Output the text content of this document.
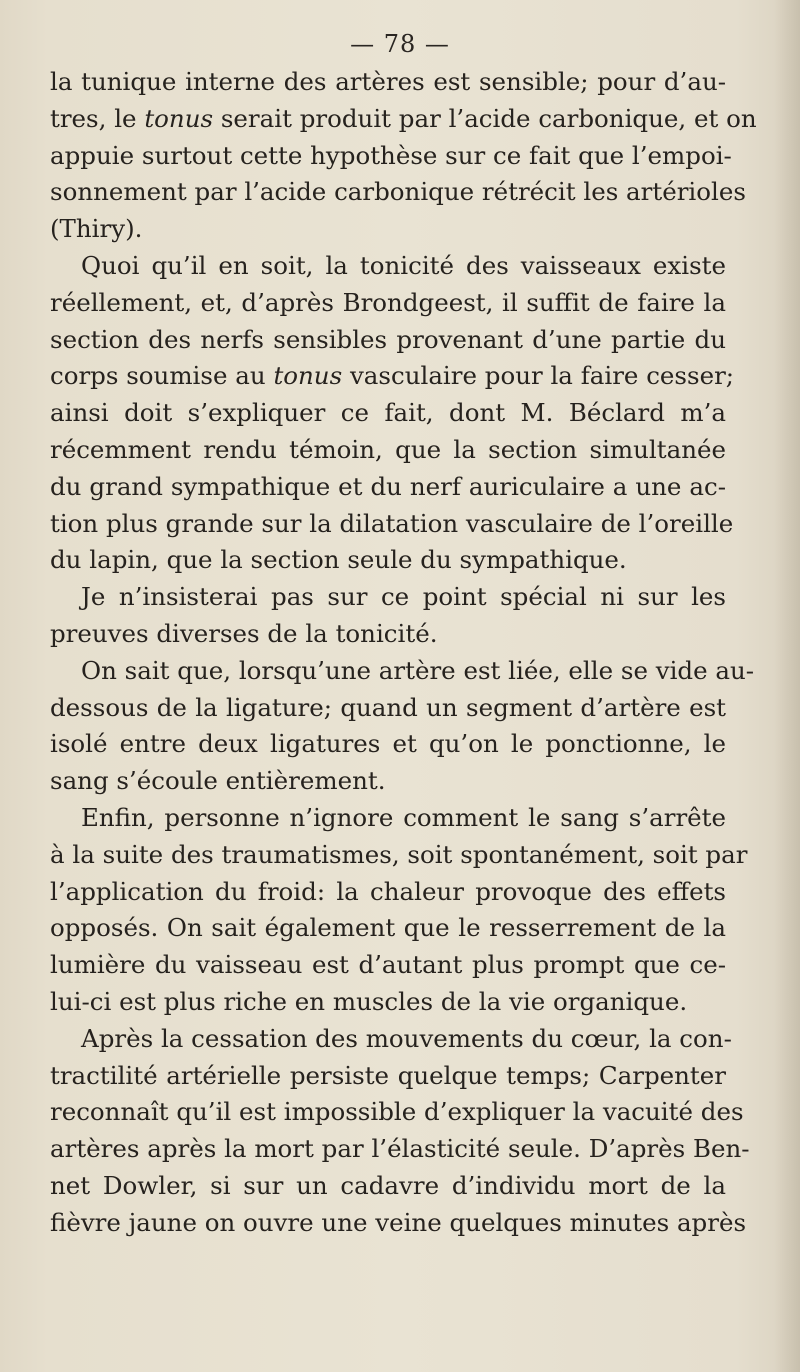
— 78 —
la tunique interne des artères est sensible; pour d’au-
tres, le tonus serait produit par l’acide carbonique, et on
appuie surtout cette hypothèse sur ce fait que l’empoi-
sonnement par l’acide carbonique rétrécit les artérioles
(Thiry).
Quoi qu’il en soit, la tonicité des vaisseaux existe
réellement, et, d’après Brondgeest, il suffit de faire la
section des nerfs sensibles provenant d’une partie du
corps soumise au tonus vasculaire pour la faire cesser;
ainsi doit s’expliquer ce fait, dont M. Béclard m’a
récemment rendu témoin, que la section simultanée
du grand sympathique et du nerf auriculaire a une ac-
tion plus grande sur la dilatation vasculaire de l’oreille
du lapin, que la section seule du sympathique.
Je n’insisterai pas sur ce point spécial ni sur les
preuves diverses de la tonicité.
On sait que, lorsqu’une artère est liée, elle se vide au-
dessous de la ligature; quand un segment d’artère est
isolé entre deux ligatures et qu’on le ponctionne, le
sang s’écoule entièrement.
Enfin, personne n’ignore comment le sang s’arrête
à la suite des traumatismes, soit spontanément, soit par
l’application du froid: la chaleur provoque des effets
opposés. On sait également que le resserrement de la
lumière du vaisseau est d’autant plus prompt que ce-
lui-ci est plus riche en muscles de la vie organique.
Après la cessation des mouvements du cœur, la con-
tractilité artérielle persiste quelque temps; Carpenter
reconnaît qu’il est impossible d’expliquer la vacuité des
artères après la mort par l’élasticité seule. D’après Ben-
net Dowler, si sur un cadavre d’individu mort de la
fièvre jaune on ouvre une veine quelques minutes après
